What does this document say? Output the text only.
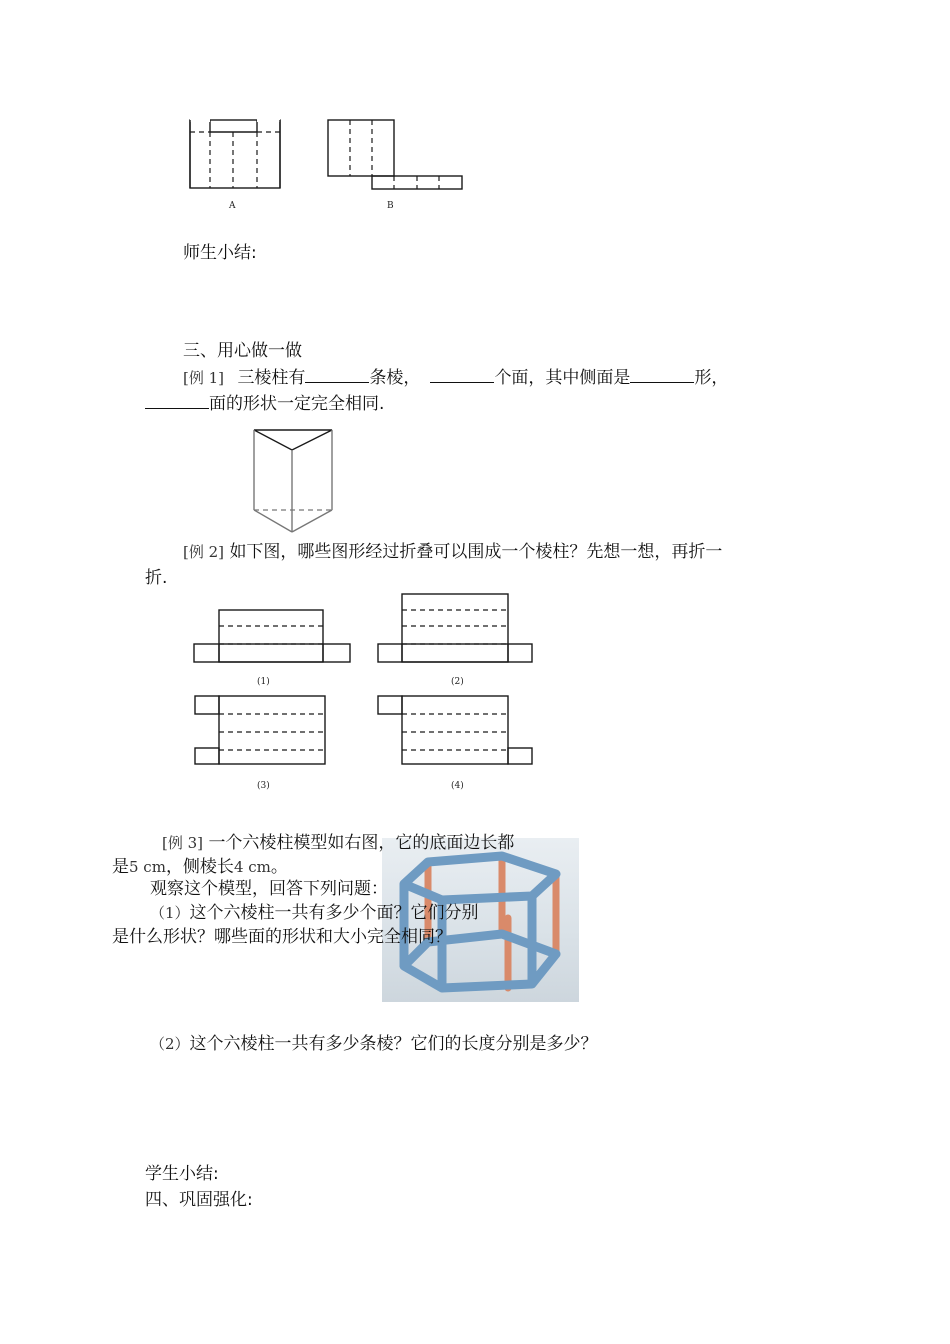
A	B
师生小结:
三、用心做一做
[例 1] 三棱柱有	条棱，	个面，其中侧面是	形，
面的形状一定完全相同.
[例 2] 如下图，哪些图形经过折叠可以围成一个棱柱？先想一想，再折一
折.
(1)	(2)
(3)	(4)
[例 3] 一个六棱柱模型如右图，它的底面边长都
是5 cm，侧棱长4 cm。
观察这个模型，回答下列问题：
（1）这个六棱柱一共有多少个面？它们分别
是什么形状？哪些面的形状和大小完全相同？
（2）这个六棱柱一共有多少条棱？它们的长度分别是多少？
学生小结:
四、巩固强化:
